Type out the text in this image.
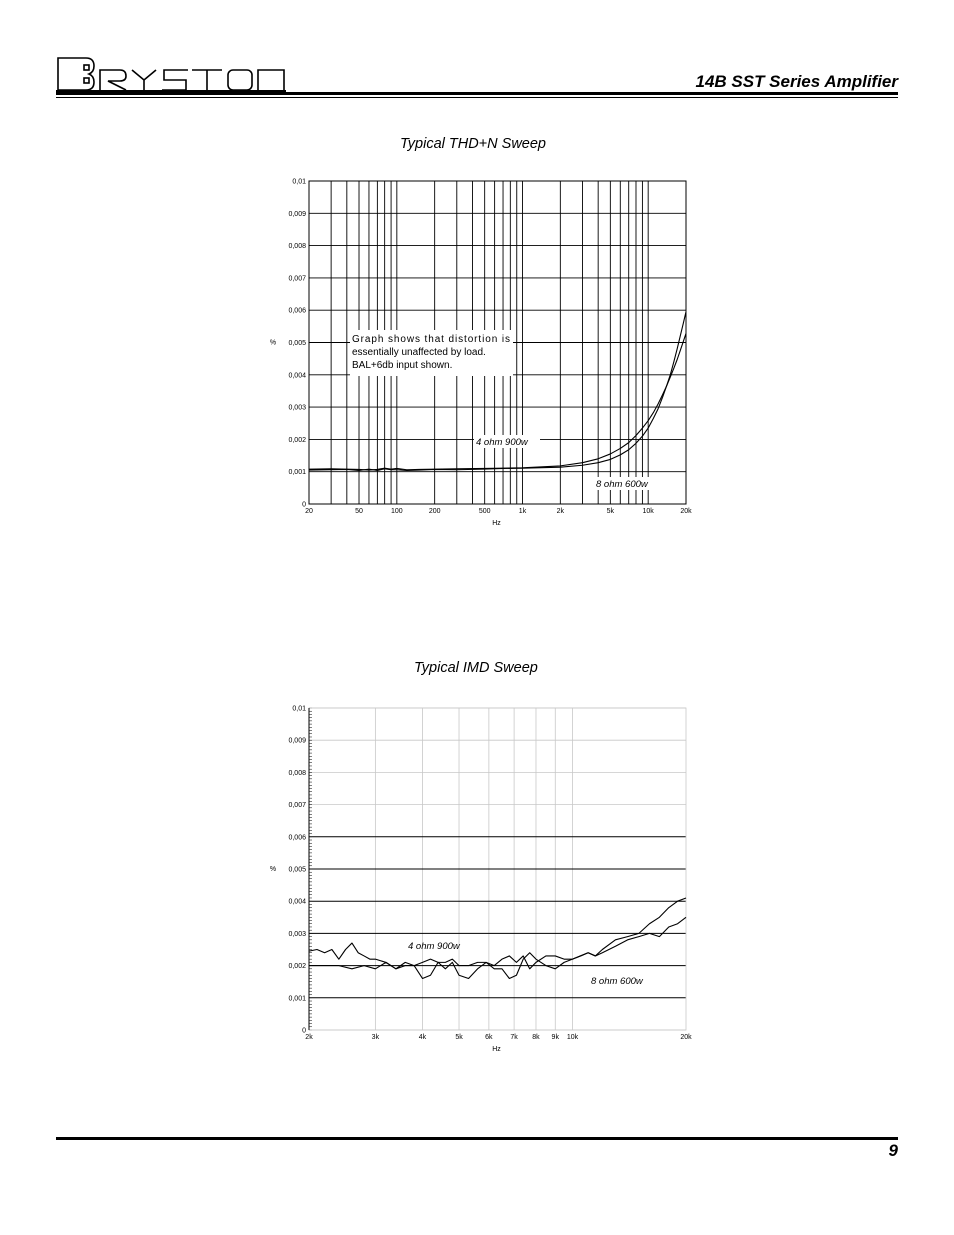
14B SST Series Amplifier
Typical THD+N Sweep
0
0,001
0,002
0,003
0,004
0,005
0,006
0,007
0,008
0,009
0,01
20	50	100	200	500	1k	2k	5k	10k	20k
Hz
%	Graph shows that distortion is
essentially unaffected by load.
BAL+6db input shown.
4 ohm 900w
8 ohm 600w
Typical IMD Sweep
0
0,001
0,002
0,003
0,004
0,005
0,006
0,007
0,008
0,009
0,01
2k	3k	4k	5k	6k	7k 8k 9k 10k	20k
Hz
%
4 ohm 900w
8 ohm 600w
9
